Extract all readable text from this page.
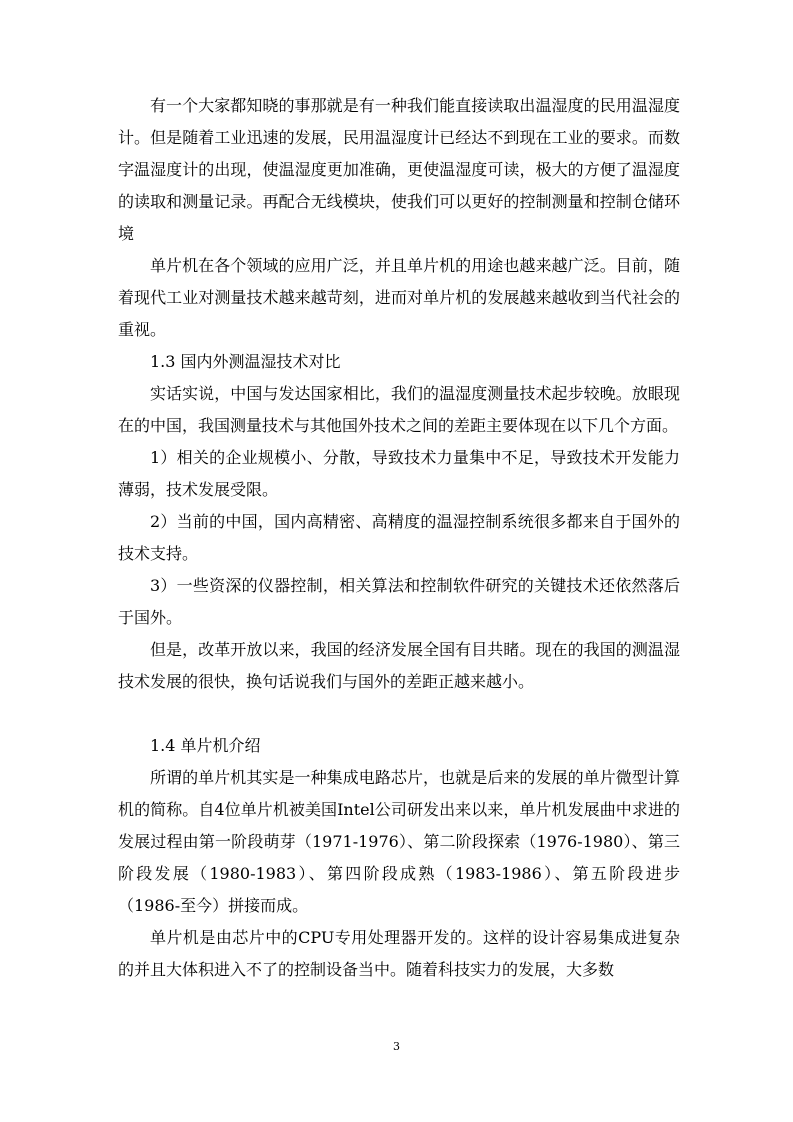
有一个大家都知晓的事那就是有一种我们能直接读取出温湿度的民用温湿度计。但是随着工业迅速的发展，民用温湿度计已经达不到现在工业的要求。而数字温湿度计的出现，使温湿度更加准确，更使温湿度可读，极大的方便了温湿度的读取和测量记录。再配合无线模块，使我们可以更好的控制测量和控制仓储环境

单片机在各个领域的应用广泛，并且单片机的用途也越来越广泛。目前，随着现代工业对测量技术越来越苛刻，进而对单片机的发展越来越收到当代社会的重视。

1.3 国内外测温湿技术对比

实话实说，中国与发达国家相比，我们的温湿度测量技术起步较晚。放眼现在的中国，我国测量技术与其他国外技术之间的差距主要体现在以下几个方面。

1）相关的企业规模小、分散，导致技术力量集中不足，导致技术开发能力薄弱，技术发展受限。

2）当前的中国，国内高精密、高精度的温湿控制系统很多都来自于国外的技术支持。

3）一些资深的仪器控制，相关算法和控制软件研究的关键技术还依然落后于国外。

但是，改革开放以来，我国的经济发展全国有目共睹。现在的我国的测温湿技术发展的很快，换句话说我们与国外的差距正越来越小。

1.4 单片机介绍

所谓的单片机其实是一种集成电路芯片，也就是后来的发展的单片微型计算机的简称。自4位单片机被美国Intel公司研发出来以来，单片机发展曲中求进的发展过程由第一阶段萌芽（1971-1976）、第二阶段探索（1976-1980）、第三阶段发展（1980-1983）、第四阶段成熟（1983-1986）、第五阶段进步（1986-至今）拼接而成。

单片机是由芯片中的CPU专用处理器开发的。这样的设计容易集成进复杂的并且大体积进入不了的控制设备当中。随着科技实力的发展，大多数

3
